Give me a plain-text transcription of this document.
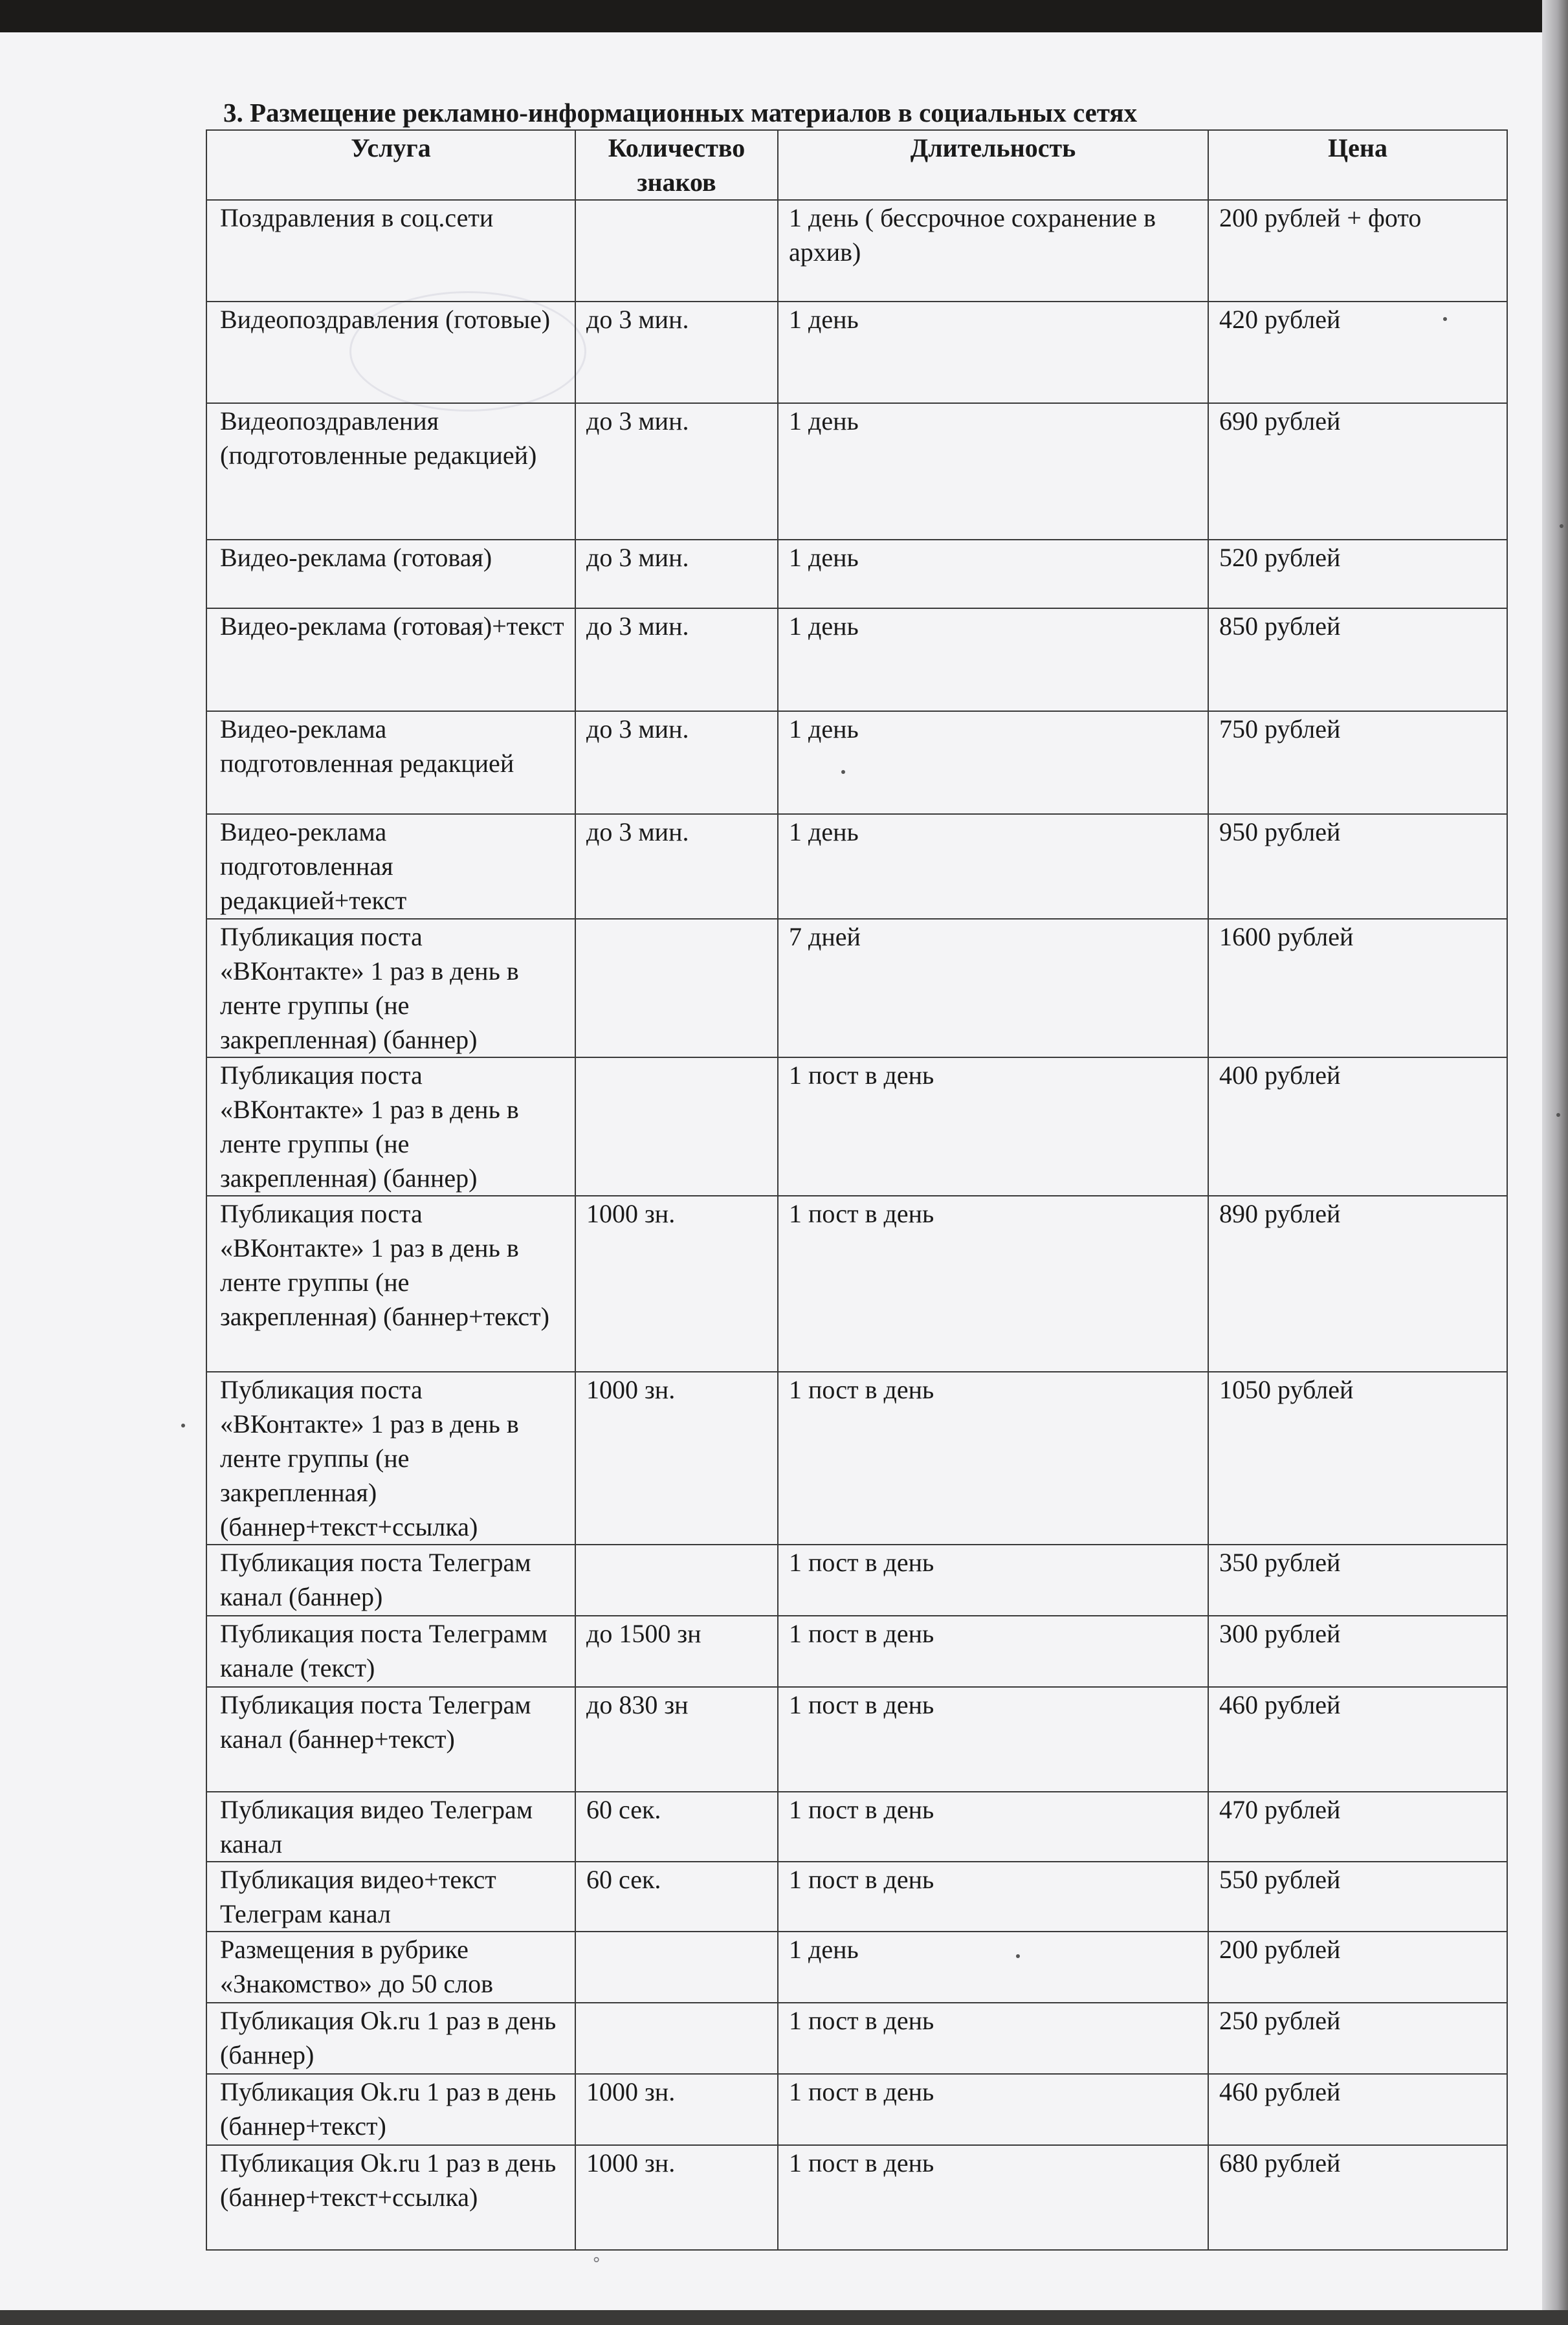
˚
3. Размещение рекламно-информационных материалов в социальных сетях
Услуга	Количество знаков	Длительность	Цена
Поздравления в соц.сети		1 день ( бессрочное сохранение в архив)	200 рублей + фото
Видеопоздравления (готовые)	до 3 мин.	1 день	420 рублей
Видеопоздравления (подготовленные редакцией)	до 3 мин.	1 день	690 рублей
Видео-реклама (готовая)	до 3 мин.	1 день	520 рублей
Видео-реклама (готовая)+текст	до 3 мин.	1 день	850 рублей
Видео-реклама подготовленная редакцией	до 3 мин.	1 день	750 рублей
Видео-реклама подготовленная редакцией+текст	до 3 мин.	1 день	950 рублей
Публикация поста «ВКонтакте» 1 раз в день в ленте группы (не закрепленная) (баннер)		7 дней	1600 рублей
Публикация поста «ВКонтакте» 1 раз в день в ленте группы (не закрепленная) (баннер)		1 пост в день	400 рублей
Публикация поста «ВКонтакте» 1 раз в день в ленте группы (не закрепленная) (баннер+текст)	1000 зн.	1 пост в день	890 рублей
Публикация поста «ВКонтакте» 1 раз в день в ленте группы (не закрепленная) (баннер+текст+ссылка)	1000 зн.	1 пост в день	1050 рублей
Публикация поста Телеграм канал (баннер)		1 пост в день	350 рублей
Публикация поста Телеграмм канале (текст)	до 1500 зн	1 пост в день	300 рублей
Публикация поста Телеграм канал (баннер+текст)	до 830 зн	1 пост в день	460 рублей
Публикация видео Телеграм канал	60 сек.	1 пост в день	470 рублей
Публикация видео+текст Телеграм канал	60 сек.	1 пост в день	550 рублей
Размещения в рубрике «Знакомство» до 50 слов		1 день	200 рублей
Публикация Ok.ru 1 раз в день (баннер)		1 пост в день	250 рублей
Публикация Ok.ru 1 раз в день (баннер+текст)	1000 зн.	1 пост в день	460 рублей
Публикация Ok.ru 1 раз в день (баннер+текст+ссылка)	1000 зн.	1 пост в день	680 рублей
